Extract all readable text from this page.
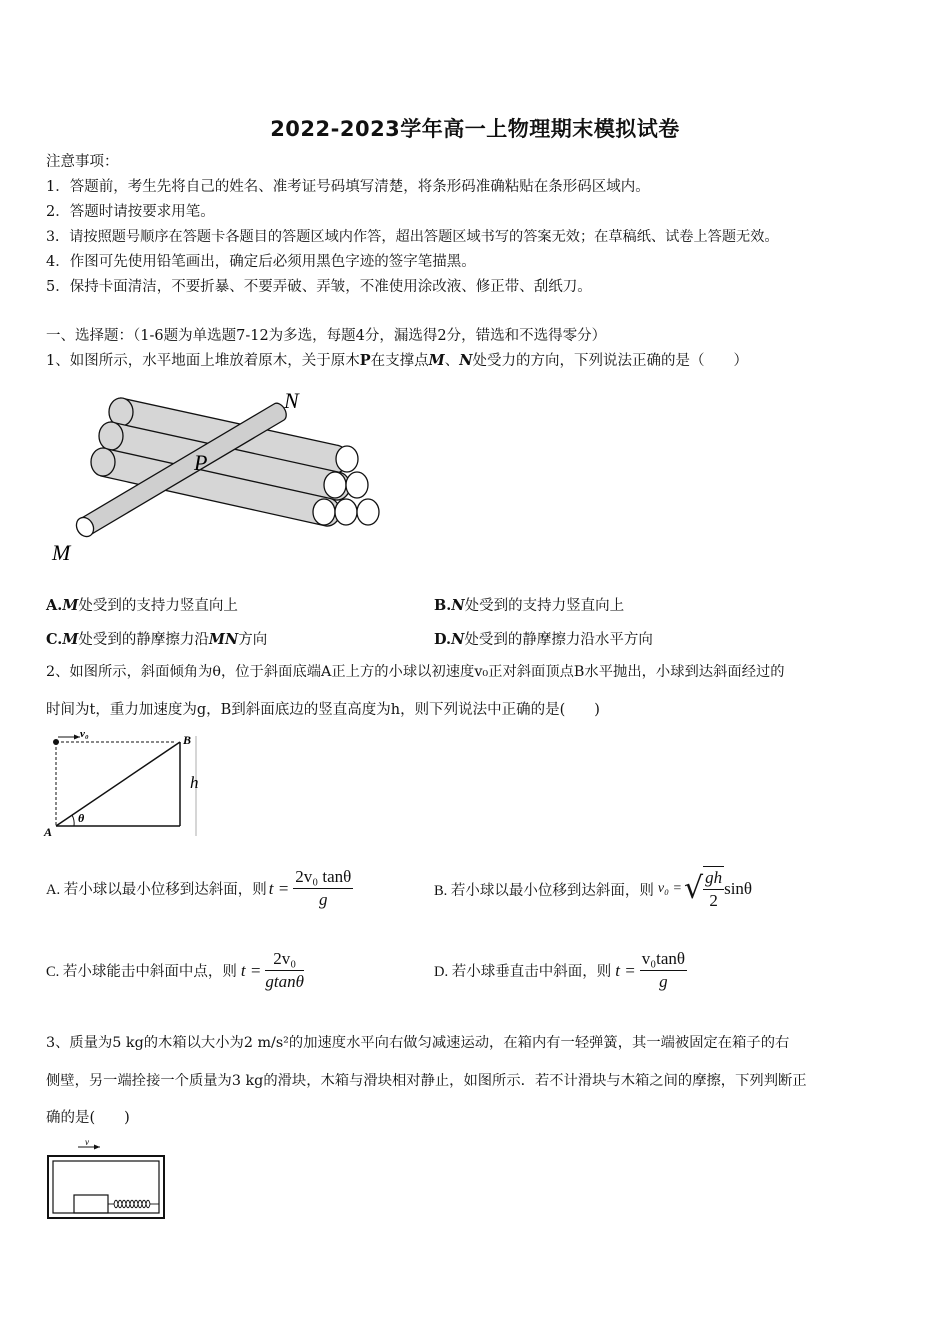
2022-2023学年高一上物理期末模拟试卷
注意事项：
1．答题前，考生先将自己的姓名、准考证号码填写清楚，将条形码准确粘贴在条形码区域内。
2．答题时请按要求用笔。
3．请按照题号顺序在答题卡各题目的答题区域内作答，超出答题区域书写的答案无效；在草稿纸、试卷上答题无效。
4．作图可先使用铅笔画出，确定后必须用黑色字迹的签字笔描黑。
5．保持卡面清洁，不要折暴、不要弄破、弄皱，不准使用涂改液、修正带、刮纸刀。
一、选择题：（1-6题为单选题7-12为多选，每题4分，漏选得2分，错选和不选得零分）
1、如图所示，水平地面上堆放着原木，关于原木P在支撑点M、N处受力的方向，下列说法正确的是（　　）
N
P
M
A.M处受到的支持力竖直向上	B.N处受到的支持力竖直向上
C.M处受到的静摩擦力沿MN方向	D.N处受到的静摩擦力沿水平方向
2、如图所示，斜面倾角为θ，位于斜面底端A正上方的小球以初速度v₀正对斜面顶点B水平抛出，小球到达斜面经过的
时间为t，重力加速度为g，B到斜面底边的竖直高度为h，则下列说法中正确的是(　　)
v₀	B
h
A
θ
A. 若小球以最小位移到达斜面，则 $t = \frac{\text{2v₀ tanθ}}{g}$	B. 若小球以最小位移到达斜面，则 v₀ = √ $\frac{gh}{2}$ sinθ
C. 若小球能击中斜面中点，则 $t = \frac{\text{2v₀}}{gtan\theta}$	D. 若小球垂直击中斜面，则 $t = \frac{\text{v₀tanθ}}{g}$
3、质量为5 kg的木箱以大小为2 m/s²的加速度水平向右做匀减速运动，在箱内有一轻弹簧，其一端被固定在箱子的右
侧壁，另一端拴接一个质量为3 kg的滑块，木箱与滑块相对静止，如图所示．若不计滑块与木箱之间的摩擦，下列判断正
确的是(　　)
v
